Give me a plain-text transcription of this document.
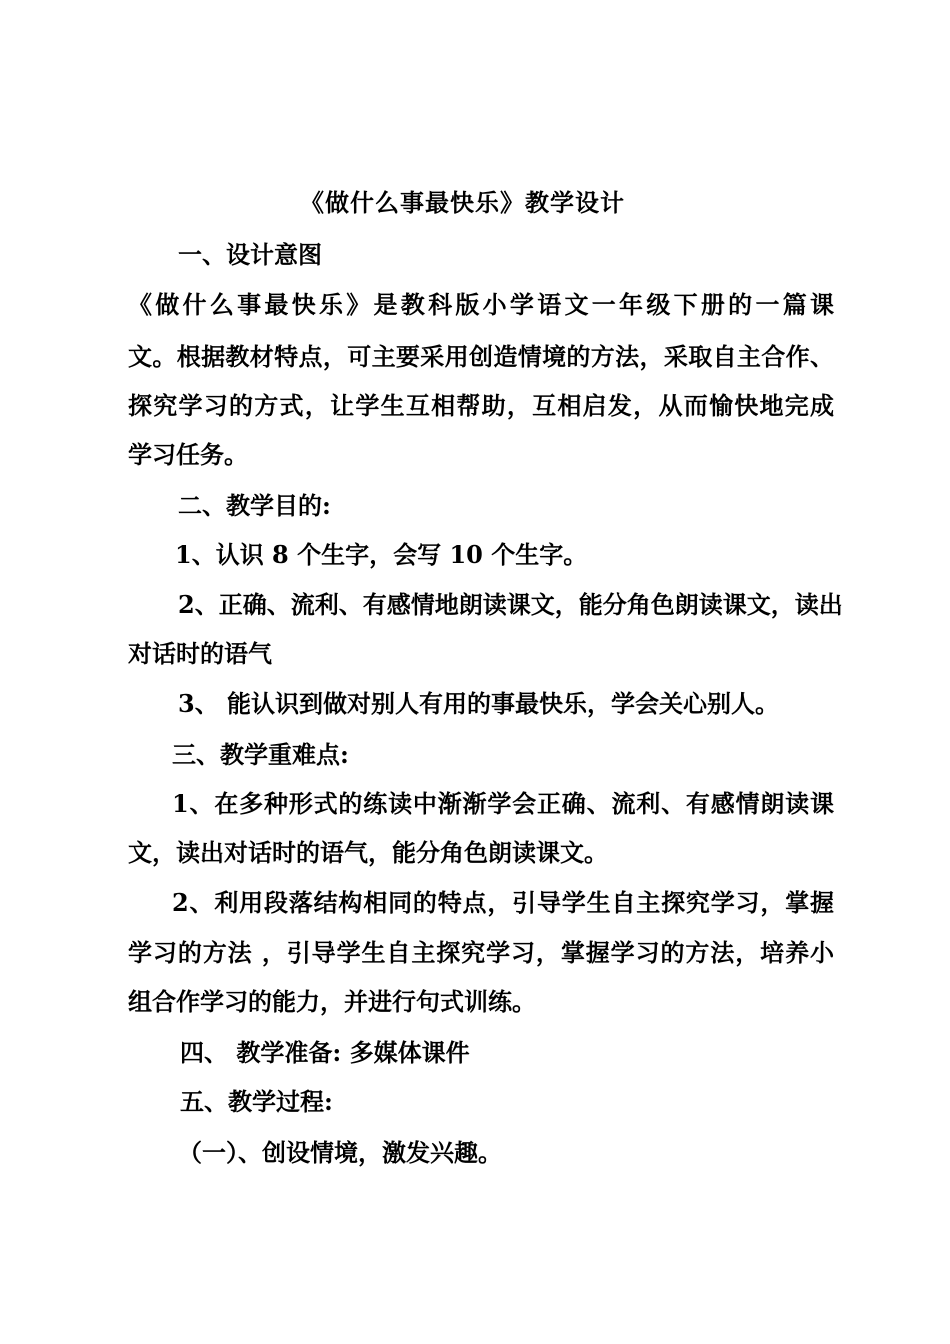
《做什么事最快乐》教学设计
一、设计意图
《做什么事最快乐》是教科版小学语文一年级下册的一篇课
文。根据教材特点，可主要采用创造情境的方法，采取自主合作、
探究学习的方式，让学生互相帮助，互相启发，从而愉快地完成
学习任务。
二、教学目的:
1、认识 8 个生字，会写 10 个生字。
2、正确、流利、有感情地朗读课文，能分角色朗读课文，读出
对话时的语气
3、 能认识到做对别人有用的事最快乐，学会关心别人。
三、教学重难点:
1、在多种形式的练读中渐渐学会正确、流利、有感情朗读课
文，读出对话时的语气，能分角色朗读课文。
2、利用段落结构相同的特点，引导学生自主探究学习，掌握
学习的方法 ，引导学生自主探究学习，掌握学习的方法，培养小
组合作学习的能力，并进行句式训练。
四、 教学准备: 多媒体课件
五、教学过程:
（一）、创设情境，激发兴趣。
